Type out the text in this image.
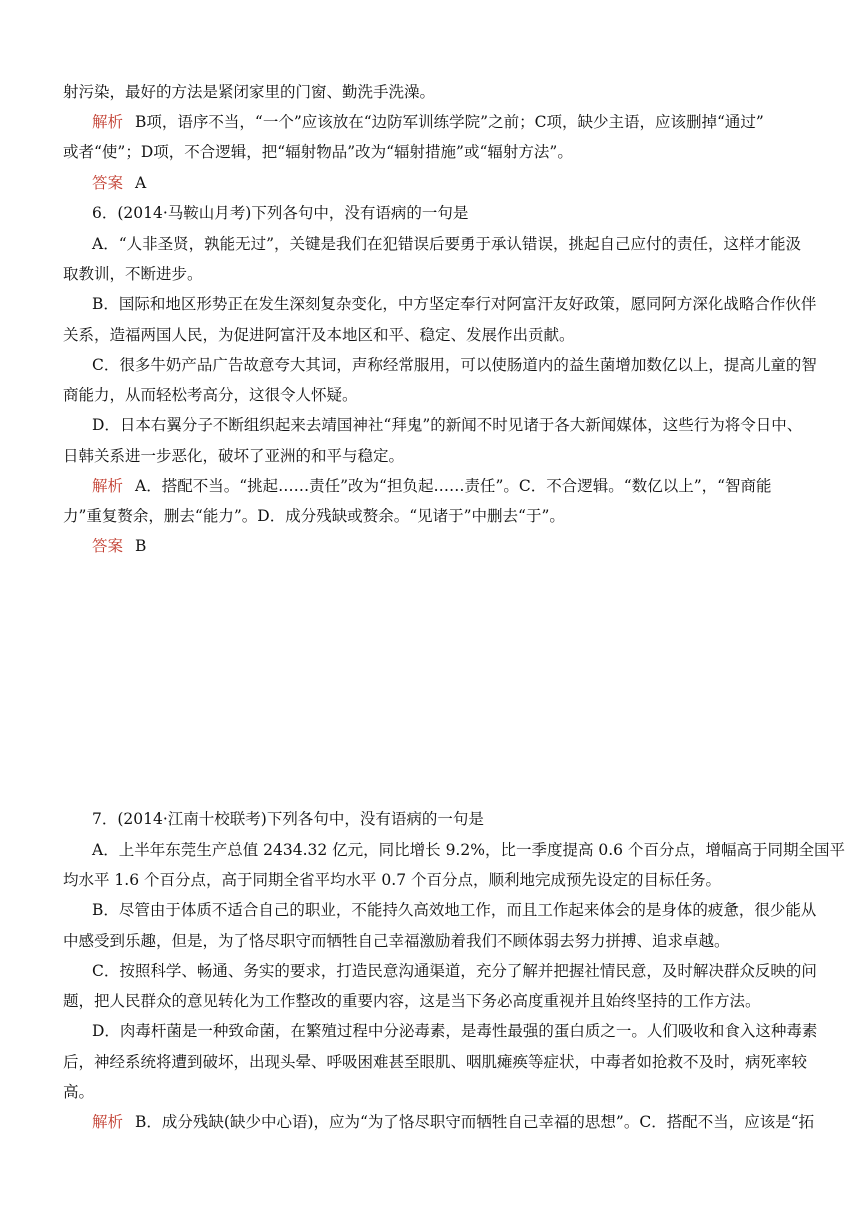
射污染，最好的方法是紧闭家里的门窗、勤洗手洗澡。
解析 B项，语序不当，“一个”应该放在“边防军训练学院”之前；C项，缺少主语，应该删掉“通过”
或者“使”；D项，不合逻辑，把“辐射物品”改为“辐射措施”或“辐射方法”。
答案 A
6．(2014·马鞍山月考)下列各句中，没有语病的一句是
A．“人非圣贤，孰能无过”，关键是我们在犯错误后要勇于承认错误，挑起自己应付的责任，这样才能汲
取教训，不断进步。
B．国际和地区形势正在发生深刻复杂变化，中方坚定奉行对阿富汗友好政策，愿同阿方深化战略合作伙伴
关系，造福两国人民，为促进阿富汗及本地区和平、稳定、发展作出贡献。
C．很多牛奶产品广告故意夸大其词，声称经常服用，可以使肠道内的益生菌增加数亿以上，提高儿童的智
商能力，从而轻松考高分，这很令人怀疑。
D．日本右翼分子不断组织起来去靖国神社“拜鬼”的新闻不时见诸于各大新闻媒体，这些行为将令日中、
日韩关系进一步恶化，破坏了亚洲的和平与稳定。
解析 A．搭配不当。“挑起……责任”改为“担负起……责任”。C．不合逻辑。“数亿以上”，“智商能
力”重复赘余，删去“能力”。D．成分残缺或赘余。“见诸于”中删去“于”。
答案 B
7．(2014·江南十校联考)下列各句中，没有语病的一句是
A．上半年东莞生产总值 2434.32 亿元，同比增长 9.2%，比一季度提高 0.6 个百分点，增幅高于同期全国平
均水平 1.6 个百分点，高于同期全省平均水平 0.7 个百分点，顺利地完成预先设定的目标任务。
B．尽管由于体质不适合自己的职业，不能持久高效地工作，而且工作起来体会的是身体的疲惫，很少能从
中感受到乐趣，但是，为了恪尽职守而牺牲自己幸福激励着我们不顾体弱去努力拼搏、追求卓越。
C．按照科学、畅通、务实的要求，打造民意沟通渠道，充分了解并把握社情民意，及时解决群众反映的问
题，把人民群众的意见转化为工作整改的重要内容，这是当下务必高度重视并且始终坚持的工作方法。
D．肉毒杆菌是一种致命菌，在繁殖过程中分泌毒素，是毒性最强的蛋白质之一。人们吸收和食入这种毒素
后，神经系统将遭到破坏，出现头晕、呼吸困难甚至眼肌、咽肌瘫痪等症状，中毒者如抢救不及时，病死率较
高。
解析 B．成分残缺(缺少中心语)，应为“为了恪尽职守而牺牲自己幸福的思想”。C．搭配不当，应该是“拓
